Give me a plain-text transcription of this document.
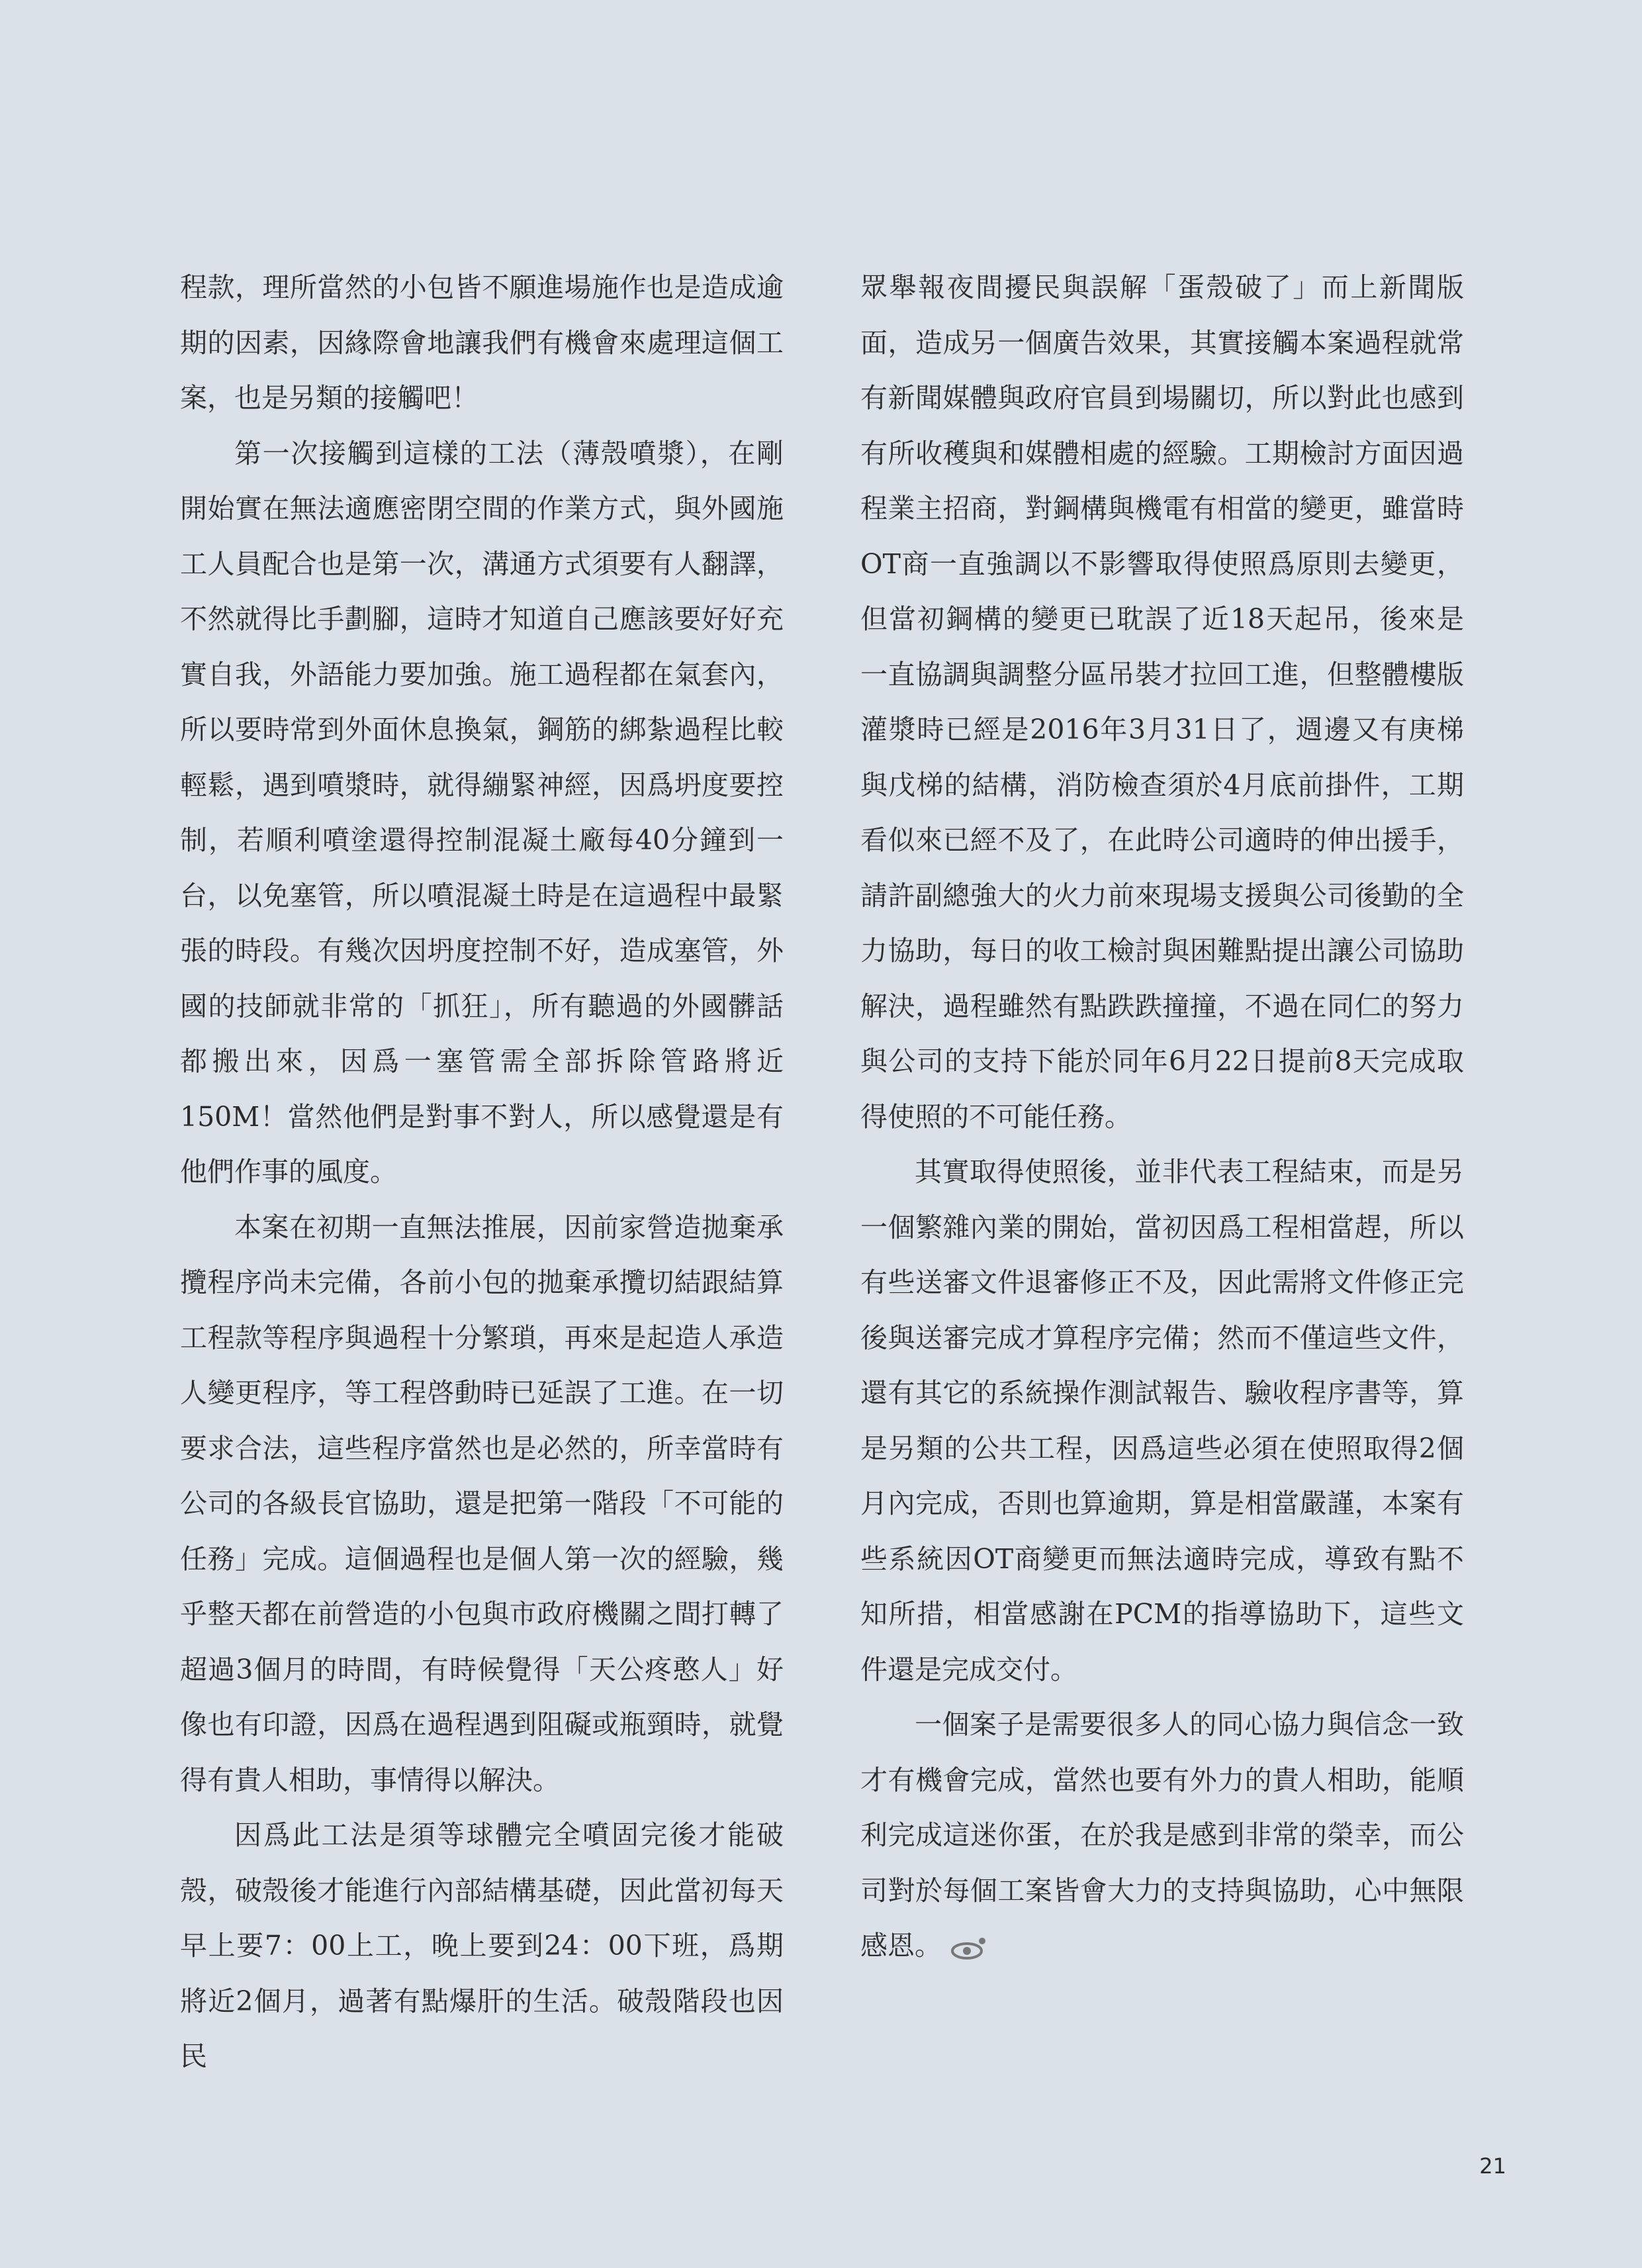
程款，理所當然的小包皆不願進場施作也是造成逾期的因素，因緣際會地讓我們有機會來處理這個工案，也是另類的接觸吧！

第一次接觸到這樣的工法（薄殼噴漿），在剛開始實在無法適應密閉空間的作業方式，與外國施工人員配合也是第一次，溝通方式須要有人翻譯，不然就得比手劃腳，這時才知道自己應該要好好充實自我，外語能力要加強。施工過程都在氣套內，所以要時常到外面休息換氣，鋼筋的綁紮過程比較輕鬆，遇到噴漿時，就得繃緊神經，因爲坍度要控制，若順利噴塗還得控制混凝土廠每40分鐘到一台，以免塞管，所以噴混凝土時是在這過程中最緊張的時段。有幾次因坍度控制不好，造成塞管，外國的技師就非常的「抓狂」，所有聽過的外國髒話都搬出來，因爲一塞管需全部拆除管路將近150M！當然他們是對事不對人，所以感覺還是有他們作事的風度。

本案在初期一直無法推展，因前家營造拋棄承攬程序尚未完備，各前小包的拋棄承攬切結跟結算工程款等程序與過程十分繁瑣，再來是起造人承造人變更程序，等工程啓動時已延誤了工進。在一切要求合法，這些程序當然也是必然的，所幸當時有公司的各級長官協助，還是把第一階段「不可能的任務」完成。這個過程也是個人第一次的經驗，幾乎整天都在前營造的小包與市政府機關之間打轉了超過3個月的時間，有時候覺得「天公疼憨人」好像也有印證，因爲在過程遇到阻礙或瓶頸時，就覺得有貴人相助，事情得以解決。

因爲此工法是須等球體完全噴固完後才能破殼，破殼後才能進行內部結構基礎，因此當初每天早上要7：00上工，晚上要到24：00下班，爲期將近2個月，過著有點爆肝的生活。破殼階段也因民

眾舉報夜間擾民與誤解「蛋殼破了」而上新聞版面，造成另一個廣告效果，其實接觸本案過程就常有新聞媒體與政府官員到場關切，所以對此也感到有所收穫與和媒體相處的經驗。工期檢討方面因過程業主招商，對鋼構與機電有相當的變更，雖當時OT商一直強調以不影響取得使照爲原則去變更，但當初鋼構的變更已耽誤了近18天起吊，後來是一直協調與調整分區吊裝才拉回工進，但整體樓版灌漿時已經是2016年3月31日了，週邊又有庚梯與戊梯的結構，消防檢查須於4月底前掛件，工期看似來已經不及了，在此時公司適時的伸出援手，請許副總強大的火力前來現場支援與公司後勤的全力協助，每日的收工檢討與困難點提出讓公司協助解決，過程雖然有點跌跌撞撞，不過在同仁的努力與公司的支持下能於同年6月22日提前8天完成取得使照的不可能任務。

其實取得使照後，並非代表工程結束，而是另一個繁雜內業的開始，當初因爲工程相當趕，所以有些送審文件退審修正不及，因此需將文件修正完後與送審完成才算程序完備；然而不僅這些文件，還有其它的系統操作測試報告、驗收程序書等，算是另類的公共工程，因爲這些必須在使照取得2個月內完成，否則也算逾期，算是相當嚴謹，本案有些系統因OT商變更而無法適時完成，導致有點不知所措，相當感謝在PCM的指導協助下，這些文件還是完成交付。

一個案子是需要很多人的同心協力與信念一致才有機會完成，當然也要有外力的貴人相助，能順利完成這迷你蛋，在於我是感到非常的榮幸，而公司對於每個工案皆會大力的支持與協助，心中無限感恩。

21
